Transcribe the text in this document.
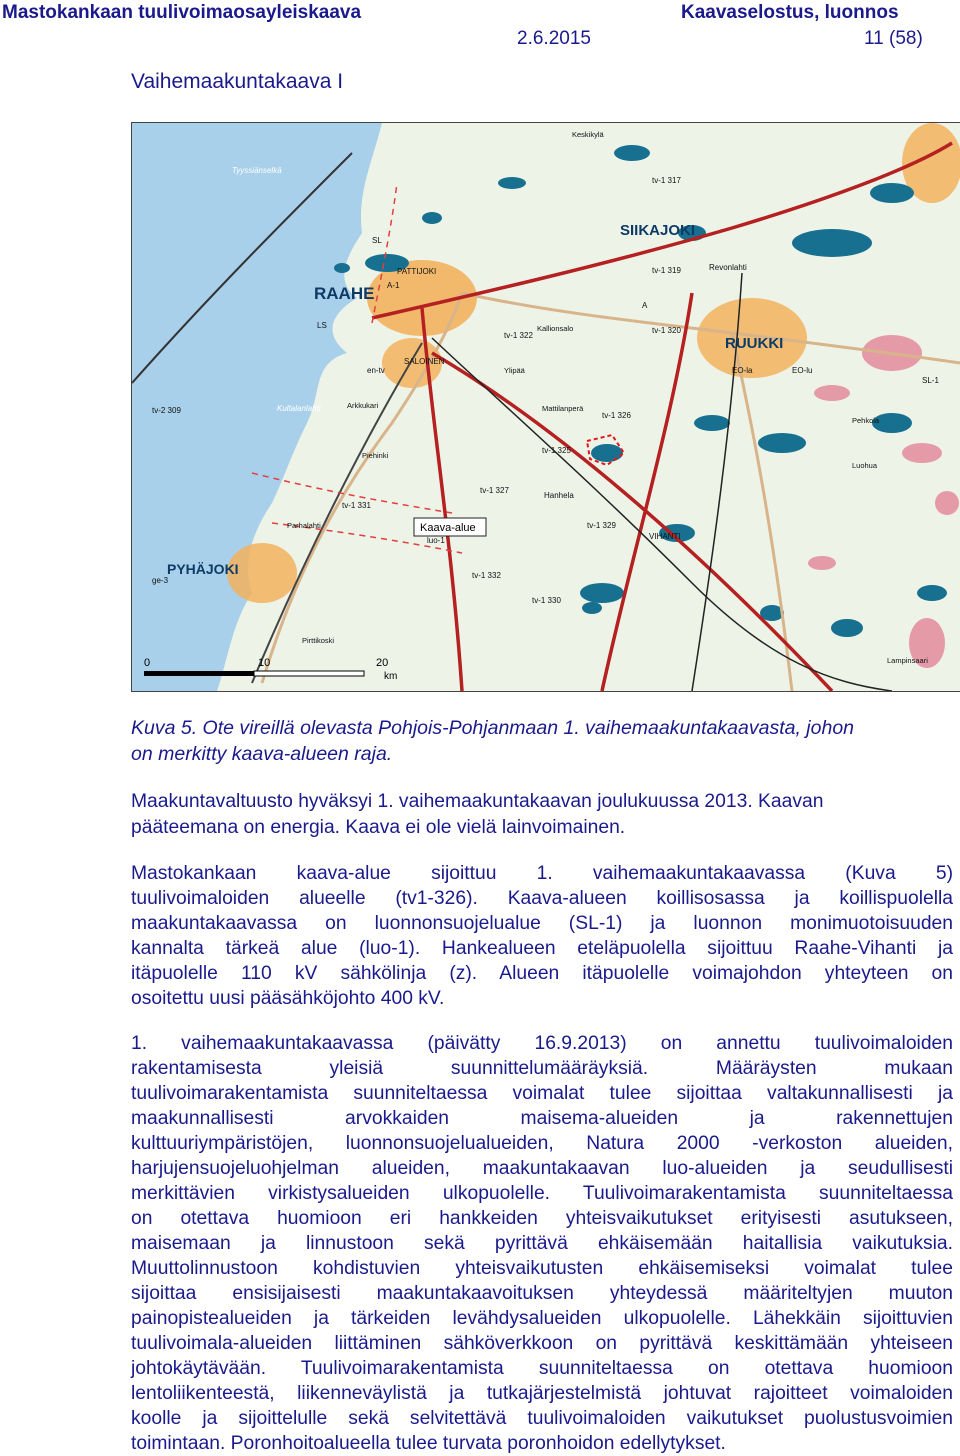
Mastokankaan tuulivoimaosayleiskaava	Kaavaselostus, luonnos
2.6.2015	11 (58)
Vaihemaakuntakaava I
RAAHE
PATTIJOKI
SIIKAJOKI
RUUKKI
PYHÄJOKI
SALOINEN
VIHANTI
Revonlahti
Kultalanlahti
Tyyssiänselkä
Parhalahti
Keskikylä
Luohua
Pehkola
Piehinki
Kallionsalo
Ylipää
Pirttikoski
Lampinsaari
Arkkukari	Mattilanperä
tv-1 317
tv-1 319
tv-1 320
tv-1 322
tv-1 326
tv-1 325
tv-1 327
tv-1 331
tv-1 332
tv-1 329
tv-1 330
tv-2 309
SL-1
LS
A-1
en-tv
luo-1
EO-lu
ge-3
SL
A
EO-la
Hanhela
Kaava-alue
0	10	20
km
Kuva 5. Ote vireillä olevasta Pohjois-Pohjanmaan 1. vaihemaakuntakaavasta, johon
on merkitty kaava-alueen raja.
Maakuntavaltuusto hyväksyi 1. vaihemaakuntakaavan joulukuussa 2013. Kaavan
pääteemana on energia. Kaava ei ole vielä lainvoimainen.
Mastokankaan kaava-alue sijoittuu 1. vaihemaakuntakaavassa (Kuva 5)
tuulivoimaloiden alueelle (tv1-326). Kaava-alueen koillisosassa ja koillispuolella
maakuntakaavassa on luonnonsuojelualue (SL-1) ja luonnon monimuotoisuuden
kannalta tärkeä alue (luo-1). Hankealueen eteläpuolella sijoittuu Raahe-Vihanti ja
itäpuolelle 110 kV sähkölinja (z). Alueen itäpuolelle voimajohdon yhteyteen on
osoitettu uusi pääsähköjohto 400 kV.
1. vaihemaakuntakaavassa (päivätty 16.9.2013) on annettu tuulivoimaloiden
rakentamisesta yleisiä suunnittelumääräyksiä. Määräysten mukaan
tuulivoimarakentamista suunniteltaessa voimalat tulee sijoittaa valtakunnallisesti ja
maakunnallisesti arvokkaiden maisema-alueiden ja rakennettujen
kulttuuriympäristöjen, luonnonsuojelualueiden, Natura 2000 -verkoston alueiden,
harjujensuojeluohjelman alueiden, maakuntakaavan luo-alueiden ja seudullisesti
merkittävien virkistysalueiden ulkopuolelle. Tuulivoimarakentamista suunniteltaessa
on otettava huomioon eri hankkeiden yhteisvaikutukset erityisesti asutukseen,
maisemaan ja linnustoon sekä pyrittävä ehkäisemään haitallisia vaikutuksia.
Muuttolinnustoon kohdistuvien yhteisvaikutusten ehkäisemiseksi voimalat tulee
sijoittaa ensisijaisesti maakuntakaavoituksen yhteydessä määriteltyjen muuton
painopistealueiden ja tärkeiden levähdysalueiden ulkopuolelle. Lähekkäin sijoittuvien
tuulivoimala-alueiden liittäminen sähköverkkoon on pyrittävä keskittämään yhteiseen
johtokäytävään. Tuulivoimarakentamista suunniteltaessa on otettava huomioon
lentoliikenteestä, liikenneväylistä ja tutkajärjestelmistä johtuvat rajoitteet voimaloiden
koolle ja sijoittelulle sekä selvitettävä tuulivoimaloiden vaikutukset puolustusvoimien
toimintaan. Poronhoitoalueella tulee turvata poronhoidon edellytykset.
